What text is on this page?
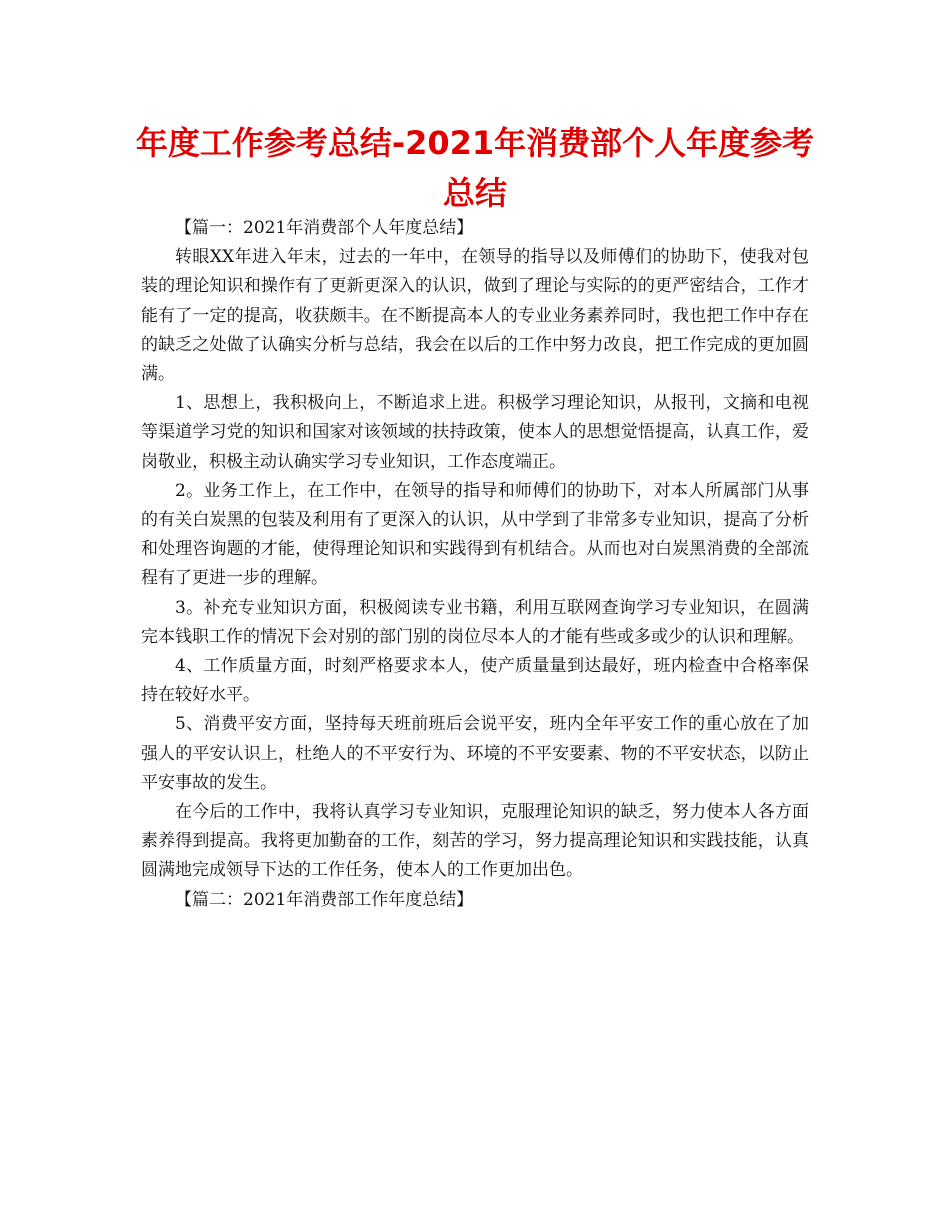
年度工作参考总结-2021年消费部个人年度参考总结

【篇一：2021年消费部个人年度总结】

转眼XX年进入年末，过去的一年中，在领导的指导以及师傅们的协助下，使我对包装的理论知识和操作有了更新更深入的认识，做到了理论与实际的的更严密结合，工作才能有了一定的提高，收获颇丰。在不断提高本人的专业业务素养同时，我也把工作中存在的缺乏之处做了认确实分析与总结，我会在以后的工作中努力改良，把工作完成的更加圆满。

1、思想上，我积极向上，不断追求上进。积极学习理论知识，从报刊，文摘和电视等渠道学习党的知识和国家对该领域的扶持政策，使本人的思想觉悟提高，认真工作，爱岗敬业，积极主动认确实学习专业知识，工作态度端正。

2。业务工作上，在工作中，在领导的指导和师傅们的协助下，对本人所属部门从事的有关白炭黑的包装及利用有了更深入的认识，从中学到了非常多专业知识，提高了分析和处理咨询题的才能，使得理论知识和实践得到有机结合。从而也对白炭黑消费的全部流程有了更进一步的理解。

3。补充专业知识方面，积极阅读专业书籍，利用互联网查询学习专业知识，在圆满完本钱职工作的情况下会对别的部门别的岗位尽本人的才能有些或多或少的认识和理解。

4、工作质量方面，时刻严格要求本人，使产质量量到达最好，班内检查中合格率保持在较好水平。

5、消费平安方面，坚持每天班前班后会说平安，班内全年平安工作的重心放在了加强人的平安认识上，杜绝人的不平安行为、环境的不平安要素、物的不平安状态，以防止平安事故的发生。

在今后的工作中，我将认真学习专业知识，克服理论知识的缺乏，努力使本人各方面素养得到提高。我将更加勤奋的工作，刻苦的学习，努力提高理论知识和实践技能，认真圆满地完成领导下达的工作任务，使本人的工作更加出色。

【篇二：2021年消费部工作年度总结】
